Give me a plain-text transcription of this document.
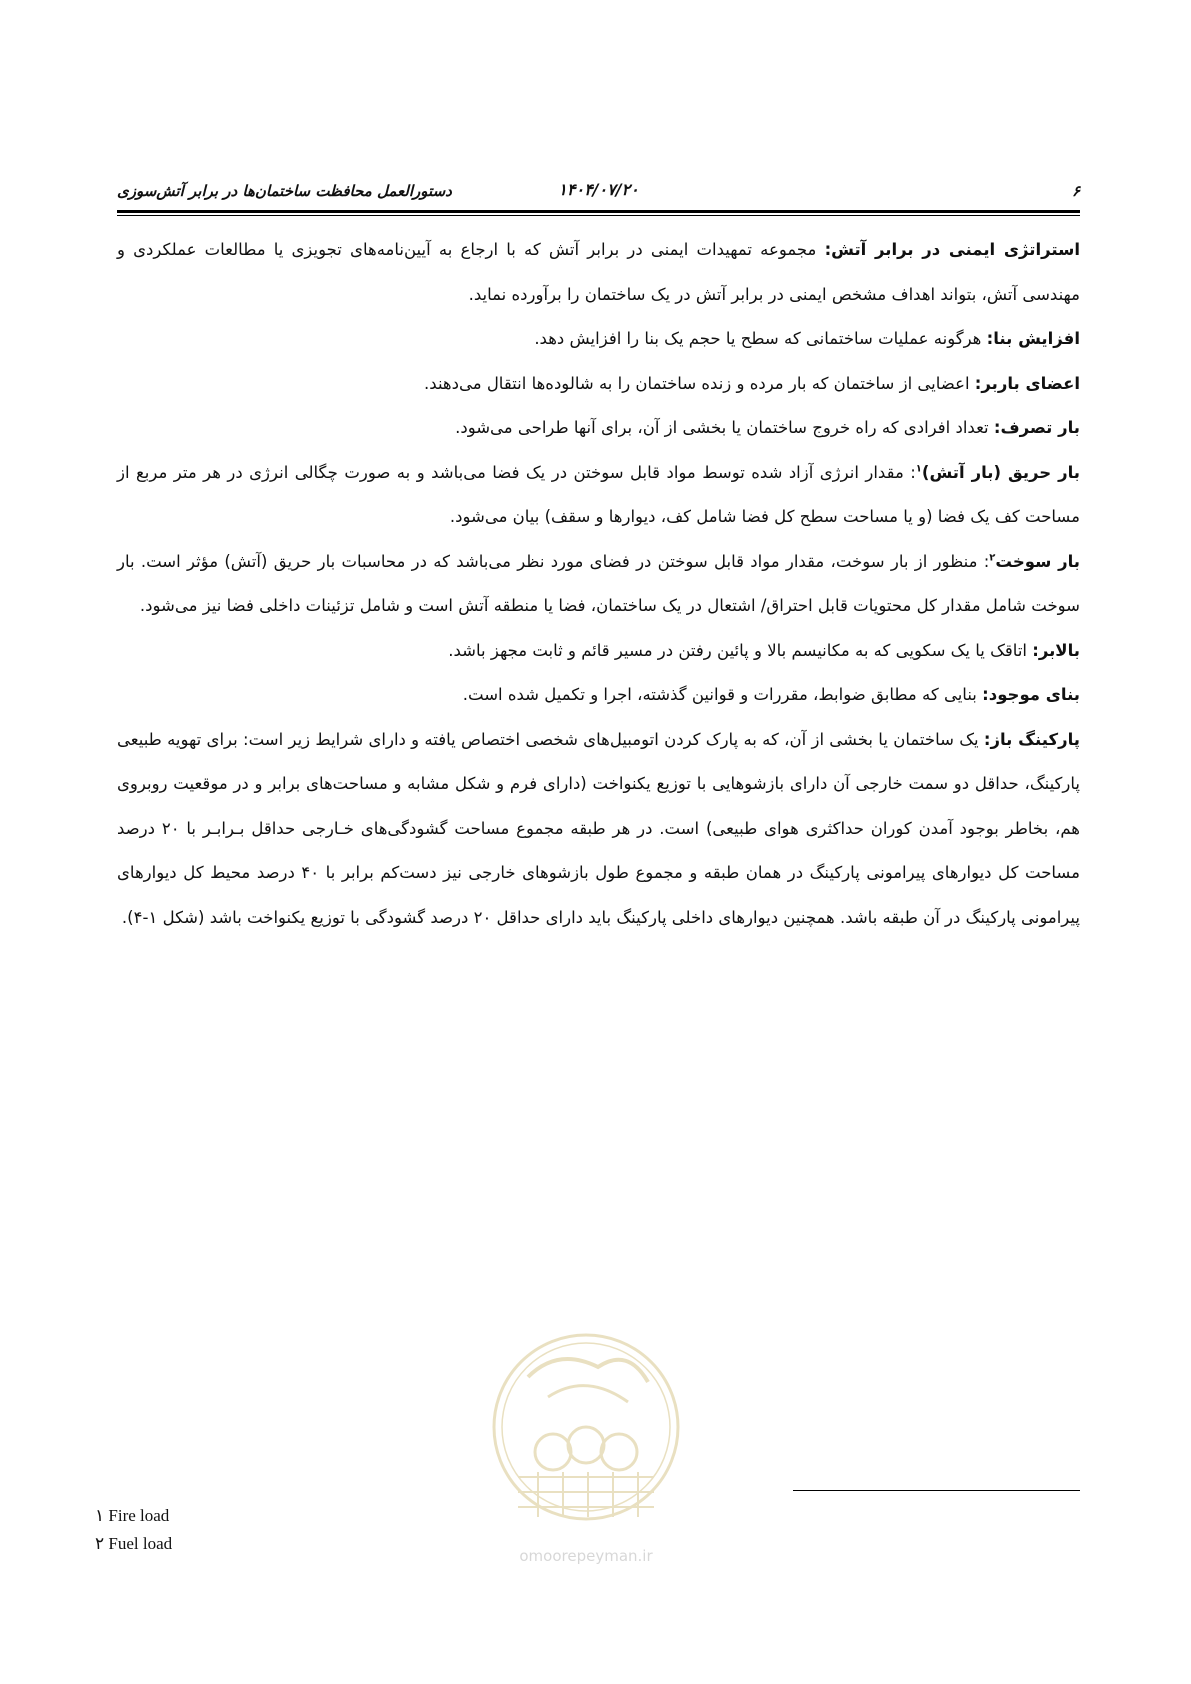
۶
۱۴۰۴/۰۷/۲۰
دستورالعمل محافظت ساختمان‌ها در برابر آتش‌سوزی

استراتژی ایمنی در برابر آتش: مجموعه تمهیدات ایمنی در برابر آتش که با ارجاع به آیین‌نامه‌های تجویزی یا مطالعات عملکردی و مهندسی آتش، بتواند اهداف مشخص ایمنی در برابر آتش در یک ساختمان را برآورده نماید.

افزایش بنا: هرگونه عملیات ساختمانی که سطح یا حجم یک بنا را افزایش دهد.

اعضای باربر: اعضایی از ساختمان که بار مرده و زنده ساختمان را به شالوده‌ها انتقال می‌دهند.

بار تصرف: تعداد افرادی که راه خروج ساختمان یا بخشی از آن، برای آنها طراحی می‌شود.

بار حریق (بار آتش)$^۱$: مقدار انرژی آزاد شده توسط مواد قابل سوختن در یک فضا می‌باشد و به صورت چگالی انرژی در هر متر مربع از مساحت کف یک فضا (و یا مساحت سطح کل فضا شامل کف، دیوارها و سقف) بیان می‌شود.

بار سوخت$^۲$: منظور از بار سوخت، مقدار مواد قابل سوختن در فضای مورد نظر می‌باشد که در محاسبات بار حریق (آتش) مؤثر است. بار سوخت شامل مقدار کل محتویات قابل احتراق/ اشتعال در یک ساختمان، فضا یا منطقه آتش است و شامل تزئینات داخلی فضا نیز می‌شود.

بالابر: اتاقک یا یک سکویی که به مکانیسم بالا و پائین رفتن در مسیر قائم و ثابت مجهز باشد.

بنای موجود: بنایی که مطابق ضوابط، مقررات و قوانین گذشته، اجرا و تکمیل شده است.

پارکینگ باز: یک ساختمان یا بخشی از آن، که به پارک کردن اتومبیل‌های شخصی اختصاص یافته و دارای شرایط زیر است: برای تهویه طبیعی پارکینگ، حداقل دو سمت خارجی آن دارای بازشوهایی با توزیع یکنواخت (دارای فرم و شکل مشابه و مساحت‌های برابر و در موقعیت روبروی هم، بخاطر بوجود آمدن کوران حداکثری هوای طبیعی) است. در هر طبقه مجموع مساحت گشودگی‌های خـارجی حداقل بـرابـر با ۲۰ درصد مساحت کل دیوارهای پیرامونی پارکینگ در همان طبقه و مجموع طول بازشوهای خارجی نیز دست‌کم برابر با ۴۰ درصد محیط کل دیوارهای پیرامونی پارکینگ در آن طبقه باشد. همچنین دیوارهای داخلی پارکینگ باید دارای حداقل ۲۰ درصد گشودگی با توزیع یکنواخت باشد (شکل ۱-۴).

omoorepeyman.ir
۱ Fire load
۲ Fuel load
